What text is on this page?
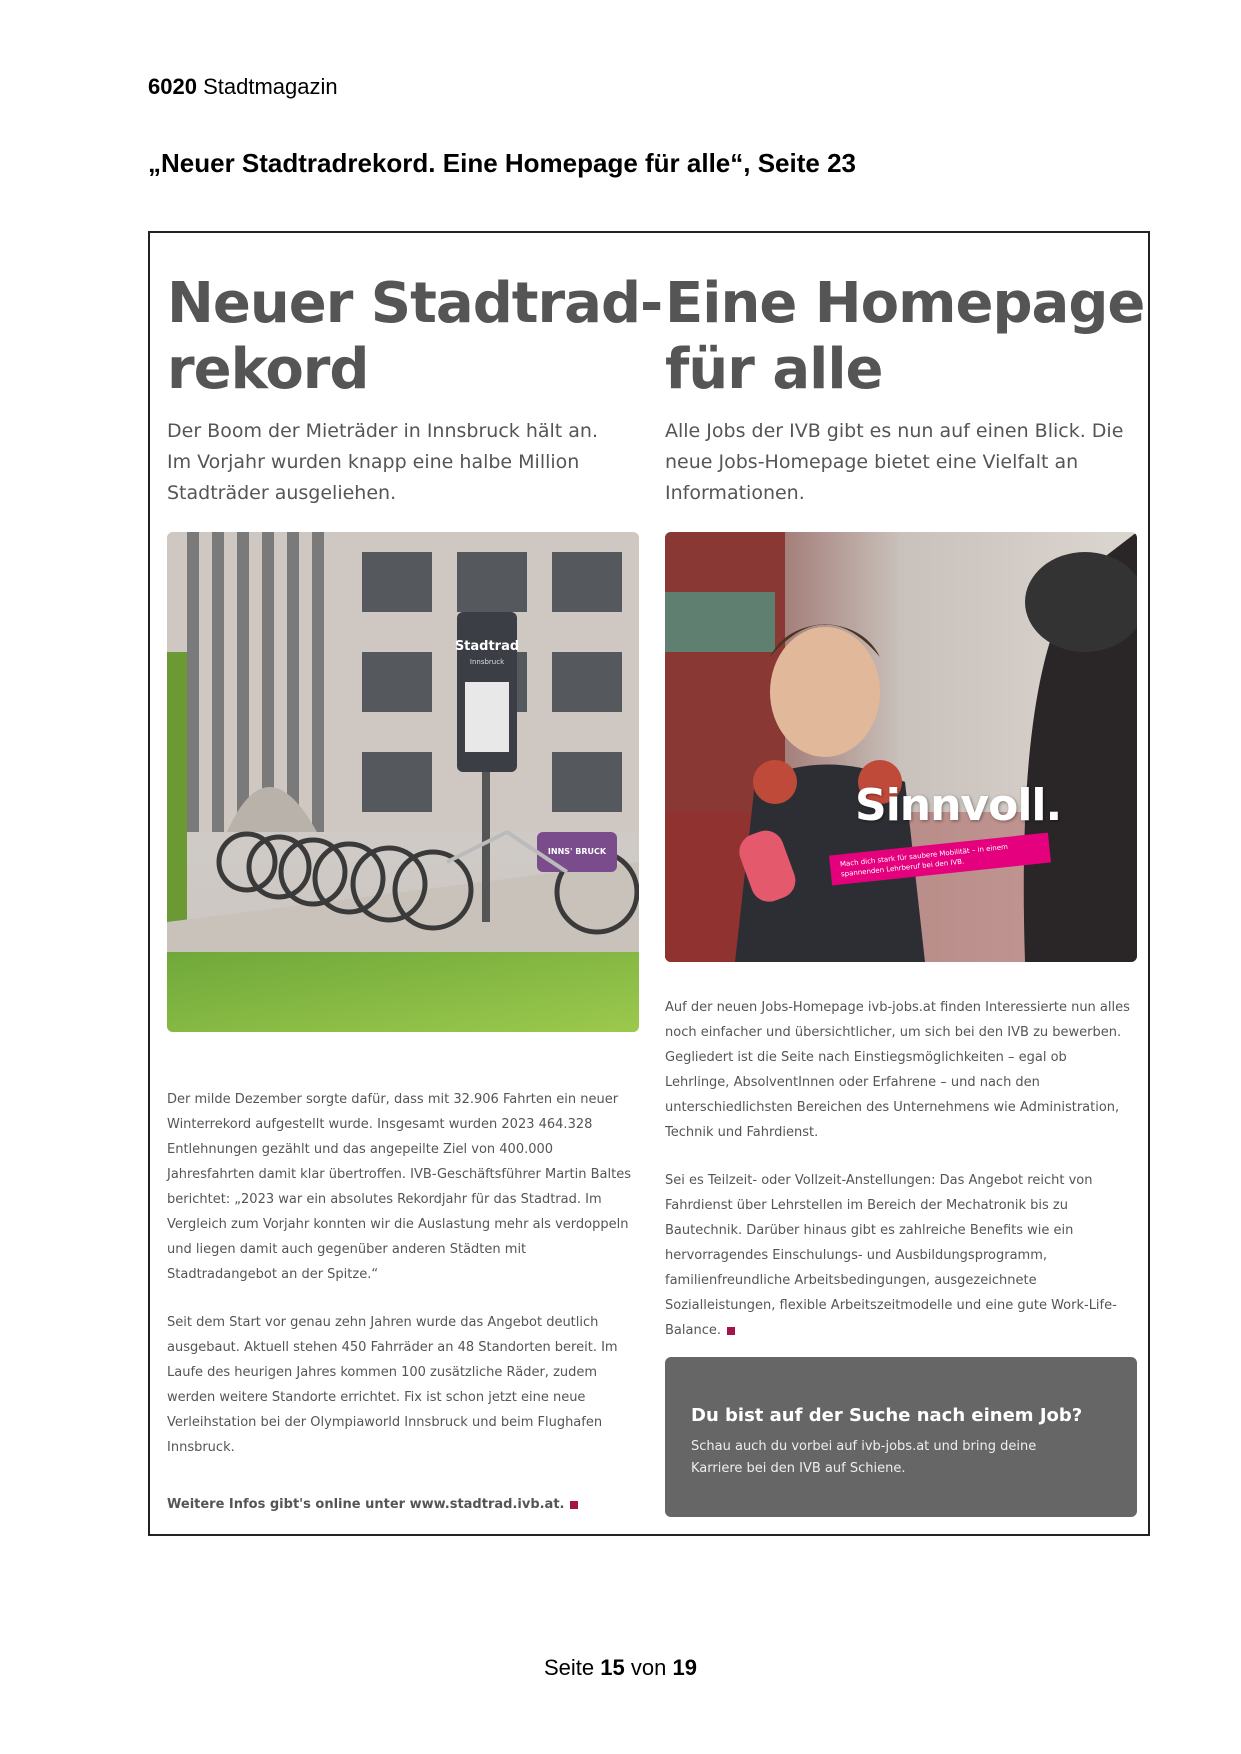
6020 Stadtmagazin
„Neuer Stadtradrekord. Eine Homepage für alle“, Seite 23
Neuer Stadtrad-
rekord
Der Boom der Mieträder in Innsbruck hält an. Im Vorjahr wurden knapp eine halbe Million Stadträder ausgeliehen.
Stadtrad
Innsbruck
INNS' BRUCK

Der milde Dezember sorgte dafür, dass mit 32.906 Fahrten ein neuer Winterrekord aufgestellt wurde. Insgesamt wurden 2023 464.328 Entlehnungen gezählt und das angepeilte Ziel von 400.000 Jahresfahrten damit klar übertroffen. IVB-Geschäftsführer Martin Baltes berichtet: „2023 war ein absolutes Rekordjahr für das Stadtrad. Im Vergleich zum Vorjahr konnten wir die Auslastung mehr als verdoppeln und liegen damit auch gegenüber anderen Städten mit Stadtradangebot an der Spitze.“

Seit dem Start vor genau zehn Jahren wurde das Angebot deutlich ausgebaut. Aktuell stehen 450 Fahrräder an 48 Standorten bereit. Im Laufe des heurigen Jahres kommen 100 zusätzliche Räder, zudem werden weitere Standorte errichtet. Fix ist schon jetzt eine neue Verleihstation bei der Olympiaworld Innsbruck und beim Flughafen Innsbruck.

Weitere Infos gibt's online unter www.stadtrad.ivb.at.
Eine Homepage
für alle
Alle Jobs der IVB gibt es nun auf einen Blick. Die neue Jobs-Homepage bietet eine Vielfalt an Informationen.
Sinnvoll.
Mach dich stark für saubere Mobilität – in einem spannenden Lehrberuf bei den IVB.

Auf der neuen Jobs-Homepage ivb-jobs.at finden Interessierte nun alles noch einfacher und übersichtlicher, um sich bei den IVB zu bewerben. Gegliedert ist die Seite nach Einstiegsmöglichkeiten – egal ob Lehrlinge, AbsolventInnen oder Erfahrene – und nach den unterschiedlichsten Bereichen des Unternehmens wie Administration, Technik und Fahrdienst.

Sei es Teilzeit- oder Vollzeit-Anstellungen: Das Angebot reicht von Fahrdienst über Lehrstellen im Bereich der Mechatronik bis zu Bautechnik. Darüber hinaus gibt es zahlreiche Benefits wie ein hervorragendes Einschulungs- und Ausbildungsprogramm, familienfreundliche Arbeitsbedingungen, ausgezeichnete Sozialleistungen, flexible Arbeitszeitmodelle und eine gute Work-Life-Balance.

Du bist auf der Suche nach einem Job?
Schau auch du vorbei auf ivb-jobs.at und bring deine Karriere bei den IVB auf Schiene.
Seite 15 von 19
